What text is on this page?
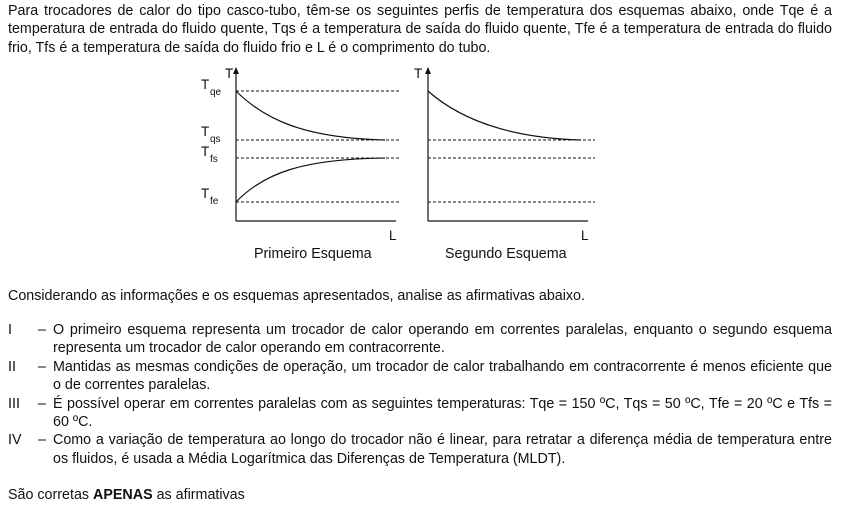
Para trocadores de calor do tipo casco-tubo, têm-se os seguintes perfis de temperatura dos esquemas abaixo, onde Tqe é a temperatura de entrada do fluido quente, Tqs é a temperatura de saída do fluido quente, Tfe é a temperatura de entrada do fluido frio, Tfs é a temperatura de saída do fluido frio e L é o comprimento do tubo.
T
qe
T
qs
T
fs
T
fe
T	T
L	L
Primeiro Esquema	Segundo Esquema
Considerando as informações e os esquemas apresentados, analise as afirmativas abaixo.
I – O primeiro esquema representa um trocador de calor operando em correntes paralelas, enquanto o segundo esquema representa um trocador de calor operando em contracorrente.
II – Mantidas as mesmas condições de operação, um trocador de calor trabalhando em contracorrente é menos eficiente que o de correntes paralelas.
III – É possível operar em correntes paralelas com as seguintes temperaturas: Tqe = 150 ºC, Tqs = 50 ºC, Tfe = 20 ºC e Tfs = 60 ºC.
IV – Como a variação de temperatura ao longo do trocador não é linear, para retratar a diferença média de temperatura entre os fluidos, é usada a Média Logarítmica das Diferenças de Temperatura (MLDT).
São corretas APENAS as afirmativas
